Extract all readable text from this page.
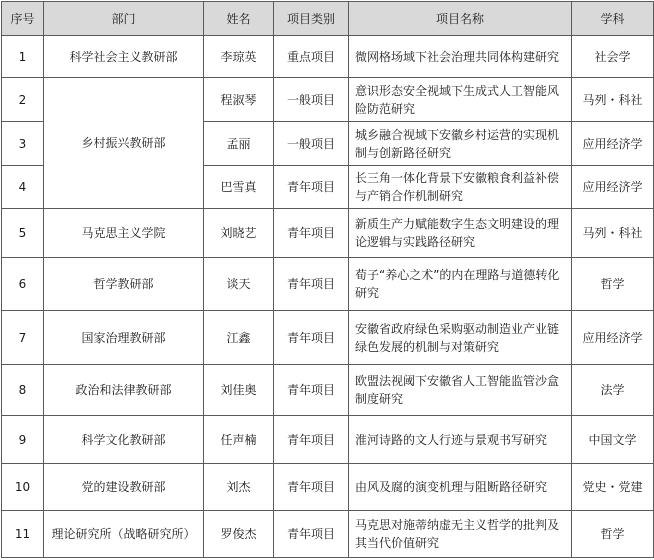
序号	部门	姓名	项目类别	项目名称	学科
1	科学社会主义教研部	李琼英	重点项目	微网格场域下社会治理共同体构建研究	社会学
2	乡村振兴教研部	程淑琴	一般项目	意识形态安全视域下生成式人工智能风险防范研究	马列・科社
3		孟丽	一般项目	城乡融合视域下安徽乡村运营的实现机制与创新路径研究	应用经济学
4		巴雪真	青年项目	长三角一体化背景下安徽粮食利益补偿与产销合作机制研究	应用经济学
5	马克思主义学院	刘晓艺	青年项目	新质生产力赋能数字生态文明建设的理论逻辑与实践路径研究	马列・科社
6	哲学教研部	谈天	青年项目	荀子“养心之术”的内在理路与道德转化研究	哲学
7	国家治理教研部	江鑫	青年项目	安徽省政府绿色采购驱动制造业产业链绿色发展的机制与对策研究	应用经济学
8	政治和法律教研部	刘佳奥	青年项目	欧盟法视阈下安徽省人工智能监管沙盒制度研究	法学
9	科学文化教研部	任声楠	青年项目	淮河诗路的文人行迹与景观书写研究	中国文学
10	党的建设教研部	刘杰	青年项目	由风及腐的演变机理与阻断路径研究	党史・党建
11	理论研究所（战略研究所）	罗俊杰	青年项目	马克思对施蒂纳虚无主义哲学的批判及其当代价值研究	哲学
